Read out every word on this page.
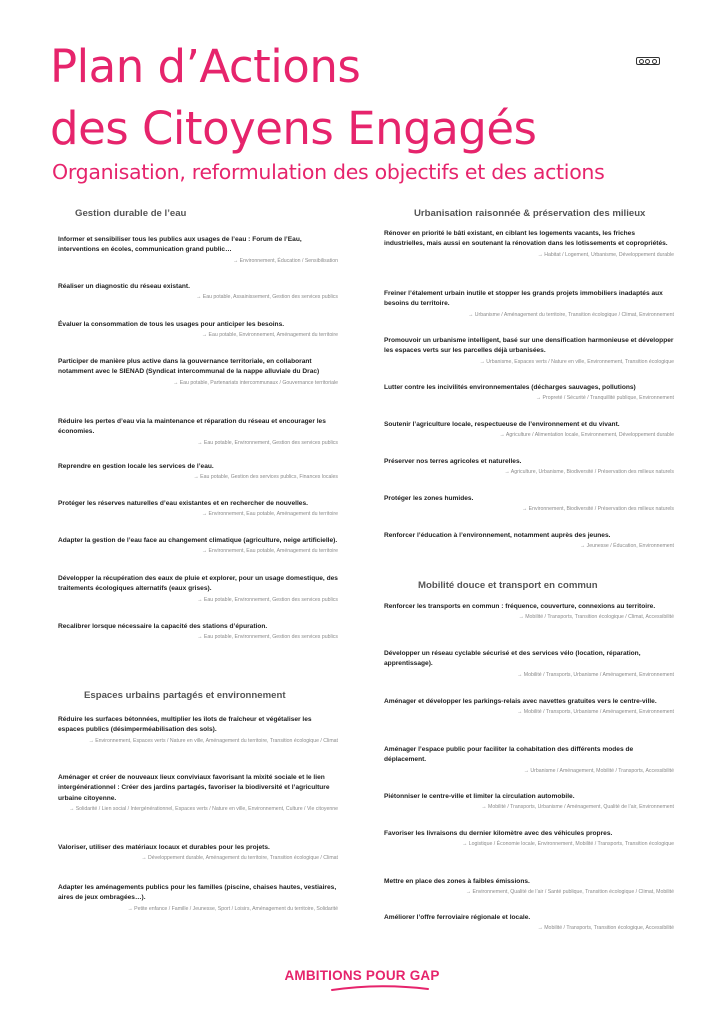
Plan d’Actions
des Citoyens Engagés
Organisation, reformulation des objectifs et des actions
Gestion durable de l’eau
Informer et sensibiliser tous les publics aux usages de l’eau : Forum de l’Eau, interventions en écoles, communication grand public…
→ Environnement, Éducation / Sensibilisation
Réaliser un diagnostic du réseau existant.
→ Eau potable, Assainissement, Gestion des services publics
Évaluer la consommation de tous les usages pour anticiper les besoins.
→ Eau potable, Environnement, Aménagement du territoire
Participer de manière plus active dans la gouvernance territoriale, en collaborant notamment avec le SIENAD (Syndicat intercommunal de la nappe alluviale du Drac)
→ Eau potable, Partenariats intercommunaux / Gouvernance territoriale
Réduire les pertes d’eau via la maintenance et réparation du réseau et encourager les économies.
→ Eau potable, Environnement, Gestion des services publics
Reprendre en gestion locale les services de l’eau.
→ Eau potable, Gestion des services publics, Finances locales
Protéger les réserves naturelles d’eau existantes et en rechercher de nouvelles.
→ Environnement, Eau potable, Aménagement du territoire
Adapter la gestion de l’eau face au changement climatique (agriculture, neige artificielle).
→ Environnement, Eau potable, Aménagement du territoire
Développer la récupération des eaux de pluie et explorer, pour un usage domestique, des traitements écologiques alternatifs (eaux grises).
→ Eau potable, Environnement, Gestion des services publics
Recalibrer lorsque nécessaire la capacité des stations d’épuration.
→ Eau potable, Environnement, Gestion des services publics
Espaces urbains partagés et environnement
Réduire les surfaces bétonnées, multiplier les îlots de fraîcheur et végétaliser les espaces publics (désimperméabilisation des sols).
→ Environnement, Espaces verts / Nature en ville, Aménagement du territoire, Transition écologique / Climat
Aménager et créer de nouveaux lieux conviviaux favorisant la mixité sociale et le lien intergénérationnel : Créer des jardins partagés, favoriser la biodiversité et l’agriculture urbaine citoyenne.
→ Solidarité / Lien social / Intergénérationnel, Espaces verts / Nature en ville, Environnement, Culture / Vie citoyenne
Valoriser, utiliser des matériaux locaux et durables pour les projets.
→ Développement durable, Aménagement du territoire, Transition écologique / Climat
Adapter les aménagements publics pour les familles (piscine, chaises hautes, vestiaires, aires de jeux ombragées…).
→ Petite enfance / Famille / Jeunesse, Sport / Loisirs, Aménagement du territoire, Solidarité
Urbanisation raisonnée & préservation des milieux
Rénover en priorité le bâti existant, en ciblant les logements vacants, les friches industrielles, mais aussi en soutenant la rénovation dans les lotissements et copropriétés.
→ Habitat / Logement, Urbanisme, Développement durable
Freiner l’étalement urbain inutile et stopper les grands projets immobiliers inadaptés aux besoins du territoire.
→ Urbanisme / Aménagement du territoire, Transition écologique / Climat, Environnement
Promouvoir un urbanisme intelligent, basé sur une densification harmonieuse et développer les espaces verts sur les parcelles déjà urbanisées.
→ Urbanisme, Espaces verts / Nature en ville, Environnement, Transition écologique
Lutter contre les incivilités environnementales (décharges sauvages, pollutions)
→ Propreté / Sécurité / Tranquillité publique, Environnement
Soutenir l’agriculture locale, respectueuse de l’environnement et du vivant.
→ Agriculture / Alimentation locale, Environnement, Développement durable
Préserver nos terres agricoles et naturelles.
→ Agriculture, Urbanisme, Biodiversité / Préservation des milieux naturels
Protéger les zones humides.
→ Environnement, Biodiversité / Préservation des milieux naturels
Renforcer l’éducation à l’environnement, notamment auprès des jeunes.
→ Jeunesse / Éducation, Environnement
Mobilité douce et transport en commun
Renforcer les transports en commun : fréquence, couverture, connexions au territoire.
→ Mobilité / Transports, Transition écologique / Climat, Accessibilité
Développer un réseau cyclable sécurisé et des services vélo (location, réparation, apprentissage).
→ Mobilité / Transports, Urbanisme / Aménagement, Environnement
Aménager et développer les parkings-relais avec navettes gratuites vers le centre-ville.
→ Mobilité / Transports, Urbanisme / Aménagement, Environnement
Aménager l’espace public pour faciliter la cohabitation des différents modes de déplacement.
→ Urbanisme / Aménagement, Mobilité / Transports, Accessibilité
Piétonniser le centre-ville et limiter la circulation automobile.
→ Mobilité / Transports, Urbanisme / Aménagement, Qualité de l’air, Environnement
Favoriser les livraisons du dernier kilomètre avec des véhicules propres.
→ Logistique / Économie locale, Environnement, Mobilité / Transports, Transition écologique
Mettre en place des zones à faibles émissions.
→ Environnement, Qualité de l’air / Santé publique, Transition écologique / Climat, Mobilité
Améliorer l’offre ferroviaire régionale et locale.
→ Mobilité / Transports, Transition écologique, Accessibilité
AMBITIONS POUR GAP
